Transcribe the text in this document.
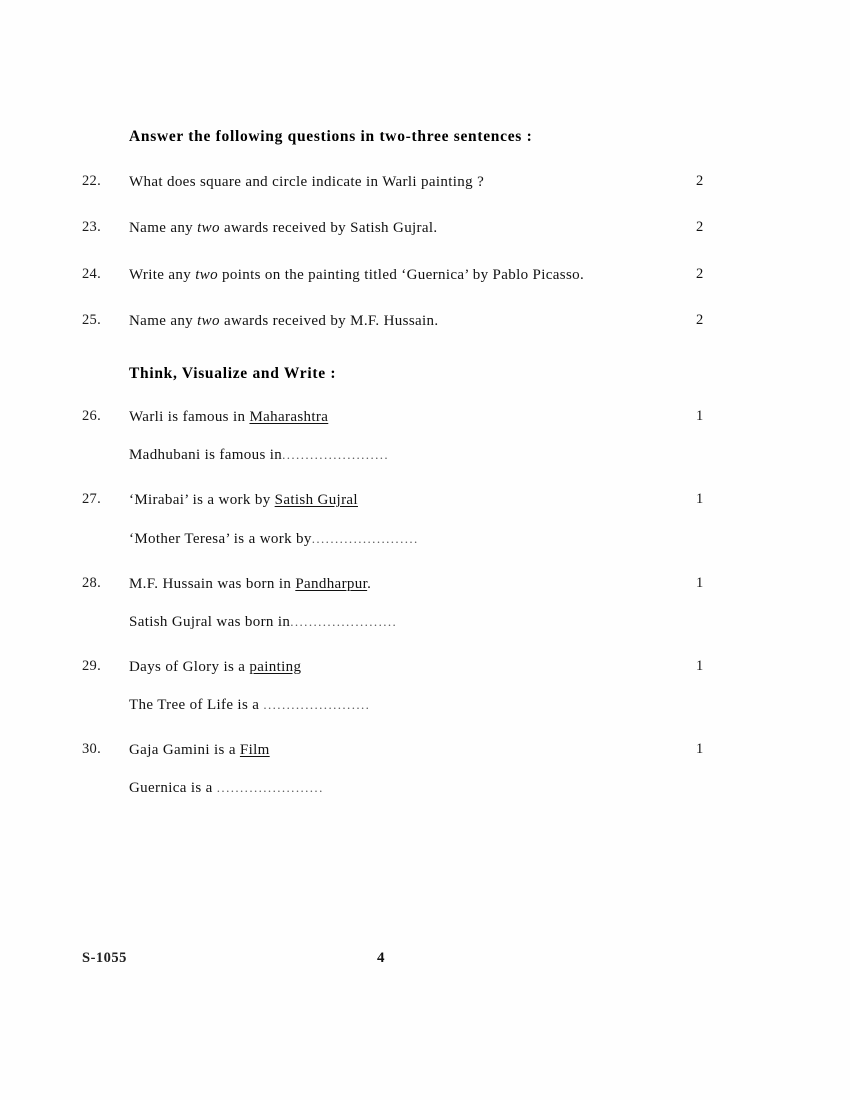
Answer the following questions in two-three sentences :
22.	What does square and circle indicate in Warli painting ?	2
23.	Name any two awards received by Satish Gujral.	2
24.	Write any two points on the painting titled ‘Guernica’ by Pablo Picasso.	2
25.	Name any two awards received by M.F. Hussain.	2
Think, Visualize and Write :
26.	Warli is famous in Maharashtra	1
Madhubani is famous in.......................
27.	‘Mirabai’ is a work by Satish Gujral	1
‘Mother Teresa’ is a work by.......................
28.	M.F. Hussain was born in Pandharpur.	1
Satish Gujral was born in.......................
29.	Days of Glory is a painting	1
The Tree of Life is a .......................
30.	Gaja Gamini is a Film	1
Guernica is a .......................
S-1055	4
